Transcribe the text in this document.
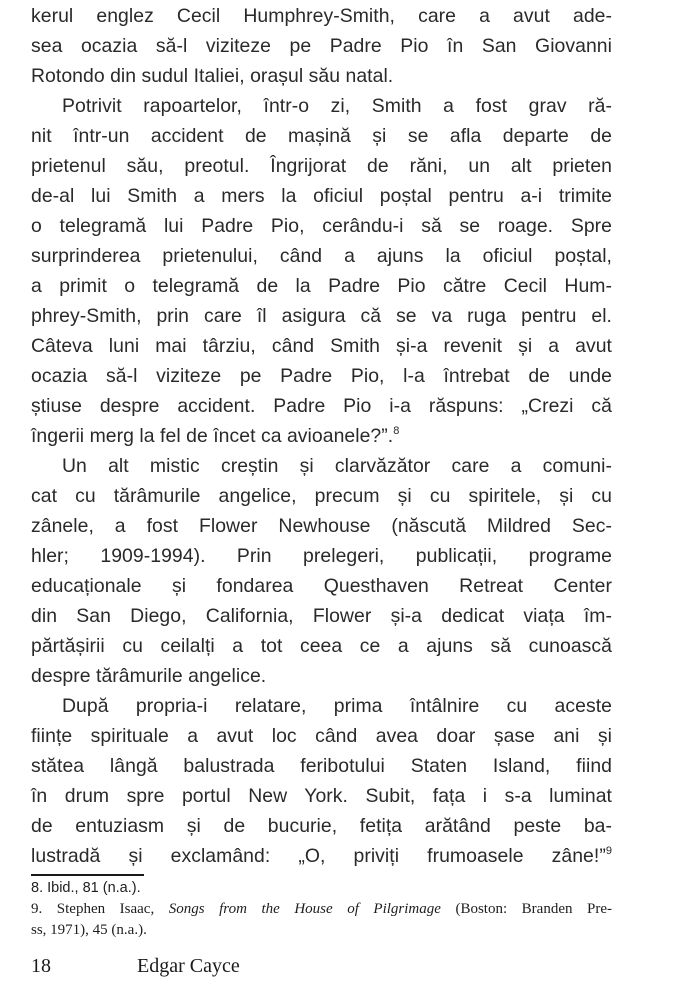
kerul englez Cecil Humphrey-Smith, care a avut ade-
sea ocazia să-l viziteze pe Padre Pio în San Giovanni
Rotondo din sudul Italiei, orașul său natal.
Potrivit rapoartelor, într-o zi, Smith a fost grav ră-
nit într-un accident de mașină și se afla departe de
prietenul său, preotul. Îngrijorat de răni, un alt prieten
de-al lui Smith a mers la oficiul poștal pentru a-i trimite
o telegramă lui Padre Pio, cerându-i să se roage. Spre
surprinderea prietenului, când a ajuns la oficiul poștal,
a primit o telegramă de la Padre Pio către Cecil Hum-
phrey-Smith, prin care îl asigura că se va ruga pentru el.
Câteva luni mai târziu, când Smith și-a revenit și a avut
ocazia să-l viziteze pe Padre Pio, l-a întrebat de unde
știuse despre accident. Padre Pio i-a răspuns: „Crezi că
îngerii merg la fel de încet ca avioanele?”.$^8$
Un alt mistic creștin și clarvăzător care a comuni-
cat cu tărâmurile angelice, precum și cu spiritele, și cu
zânele, a fost Flower Newhouse (născută Mildred Sec-
hler; 1909-1994). Prin prelegeri, publicații, programe
educaționale și fondarea Questhaven Retreat Center
din San Diego, California, Flower și-a dedicat viața îm-
părtășirii cu ceilalți a tot ceea ce a ajuns să cunoască
despre tărâmurile angelice.
După propria-i relatare, prima întâlnire cu aceste
ființe spirituale a avut loc când avea doar șase ani și
stătea lângă balustrada feribotului Staten Island, fiind
în drum spre portul New York. Subit, fața i s-a luminat
de entuziasm și de bucurie, fetița arătând peste ba-
lustradă și exclamând: „O, priviți frumoasele zâne!”$^9$
8. Ibid., 81 (n.a.).
9. Stephen Isaac, Songs from the House of Pilgrimage (Boston: Branden Pre-
ss, 1971), 45 (n.a.).
18	Edgar Cayce
